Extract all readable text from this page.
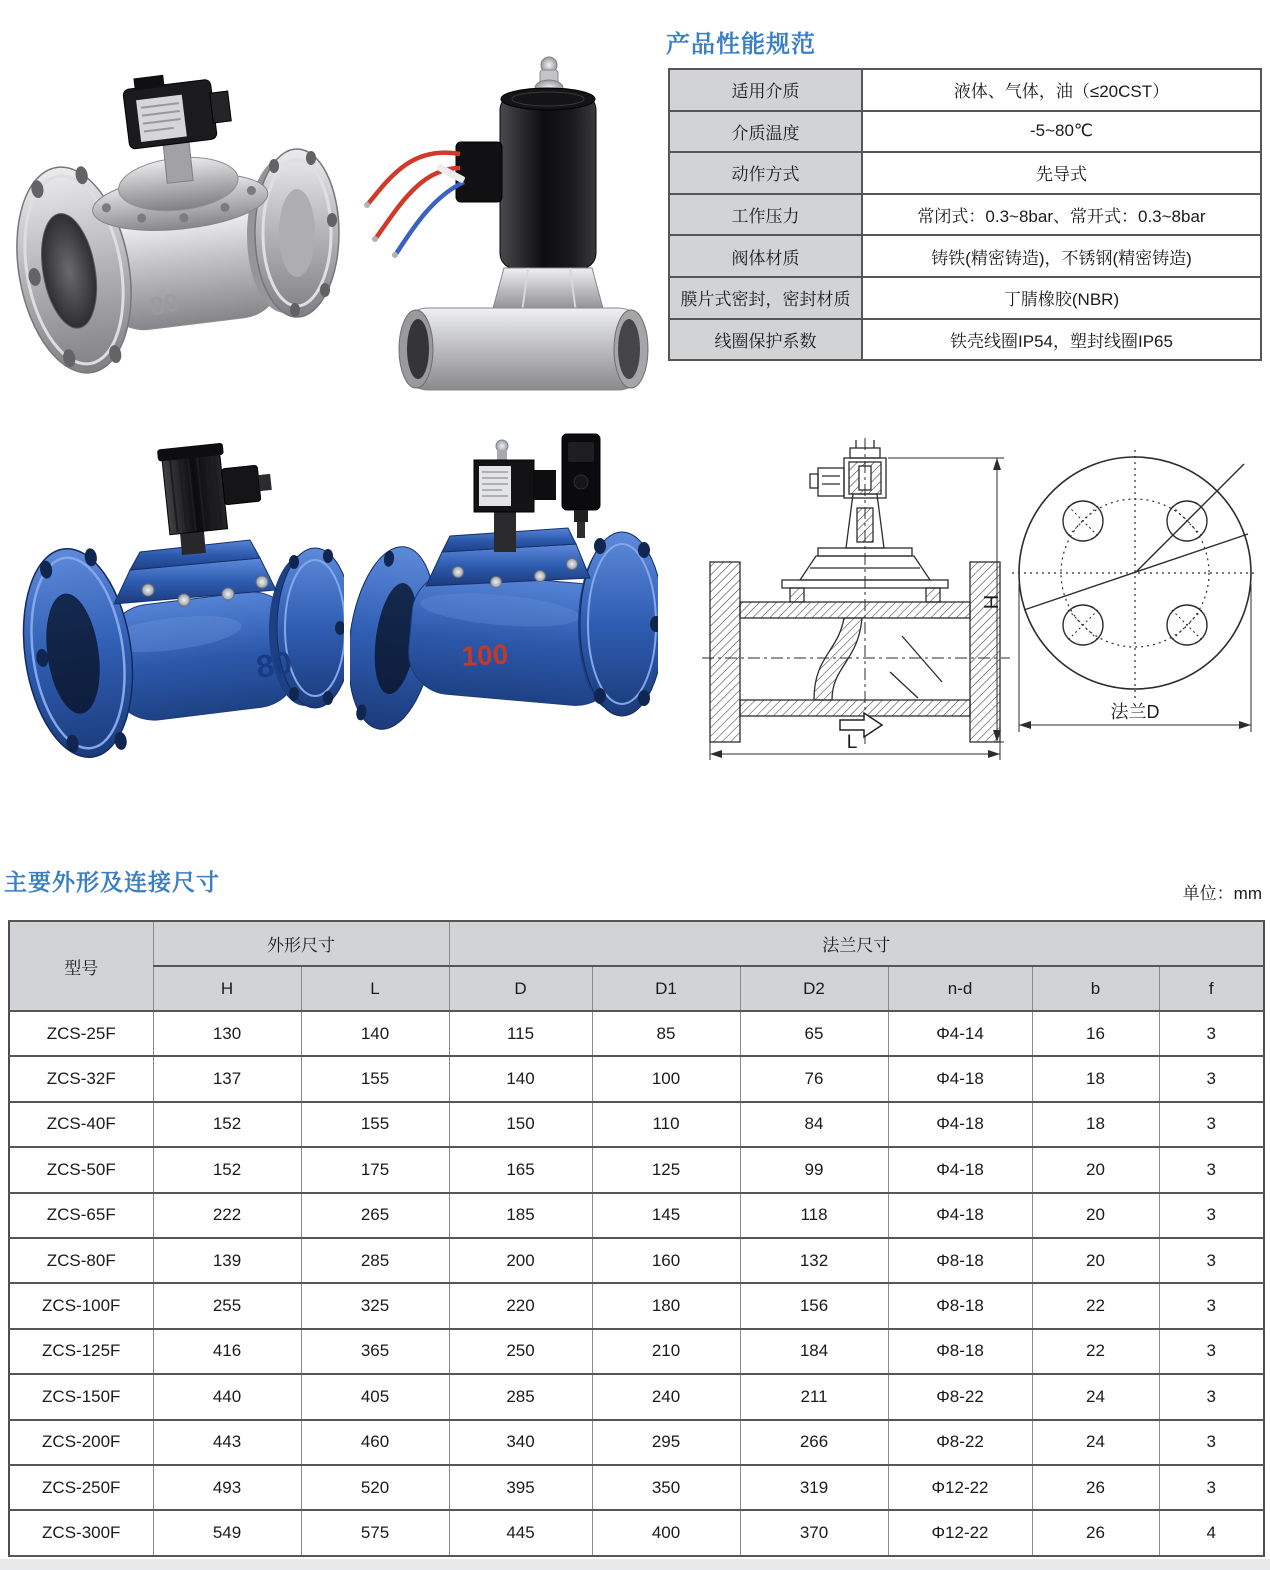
80
产品性能规范
适用介质	液体、气体，油（≤20CST）
介质温度	-5~80℃
动作方式	先导式
工作压力	常闭式：0.3~8bar、常开式：0.3~8bar
阀体材质	铸铁(精密铸造)，不锈钢(精密铸造)
膜片式密封，密封材质	丁腈橡胶(NBR)
线圈保护系数	铁壳线圈IP54，塑封线圈IP65
80	100
H
L
法兰D
主要外形及连接尺寸	单位：mm
型号	外形尺寸		法兰尺寸					
	H	L	D	D1	D2	n-d	b	f
ZCS-25F	130	140	115	85	65	Φ4-14	16	3
ZCS-32F	137	155	140	100	76	Φ4-18	18	3
ZCS-40F	152	155	150	110	84	Φ4-18	18	3
ZCS-50F	152	175	165	125	99	Φ4-18	20	3
ZCS-65F	222	265	185	145	118	Φ4-18	20	3
ZCS-80F	139	285	200	160	132	Φ8-18	20	3
ZCS-100F	255	325	220	180	156	Φ8-18	22	3
ZCS-125F	416	365	250	210	184	Φ8-18	22	3
ZCS-150F	440	405	285	240	211	Φ8-22	24	3
ZCS-200F	443	460	340	295	266	Φ8-22	24	3
ZCS-250F	493	520	395	350	319	Φ12-22	26	3
ZCS-300F	549	575	445	400	370	Φ12-22	26	4
